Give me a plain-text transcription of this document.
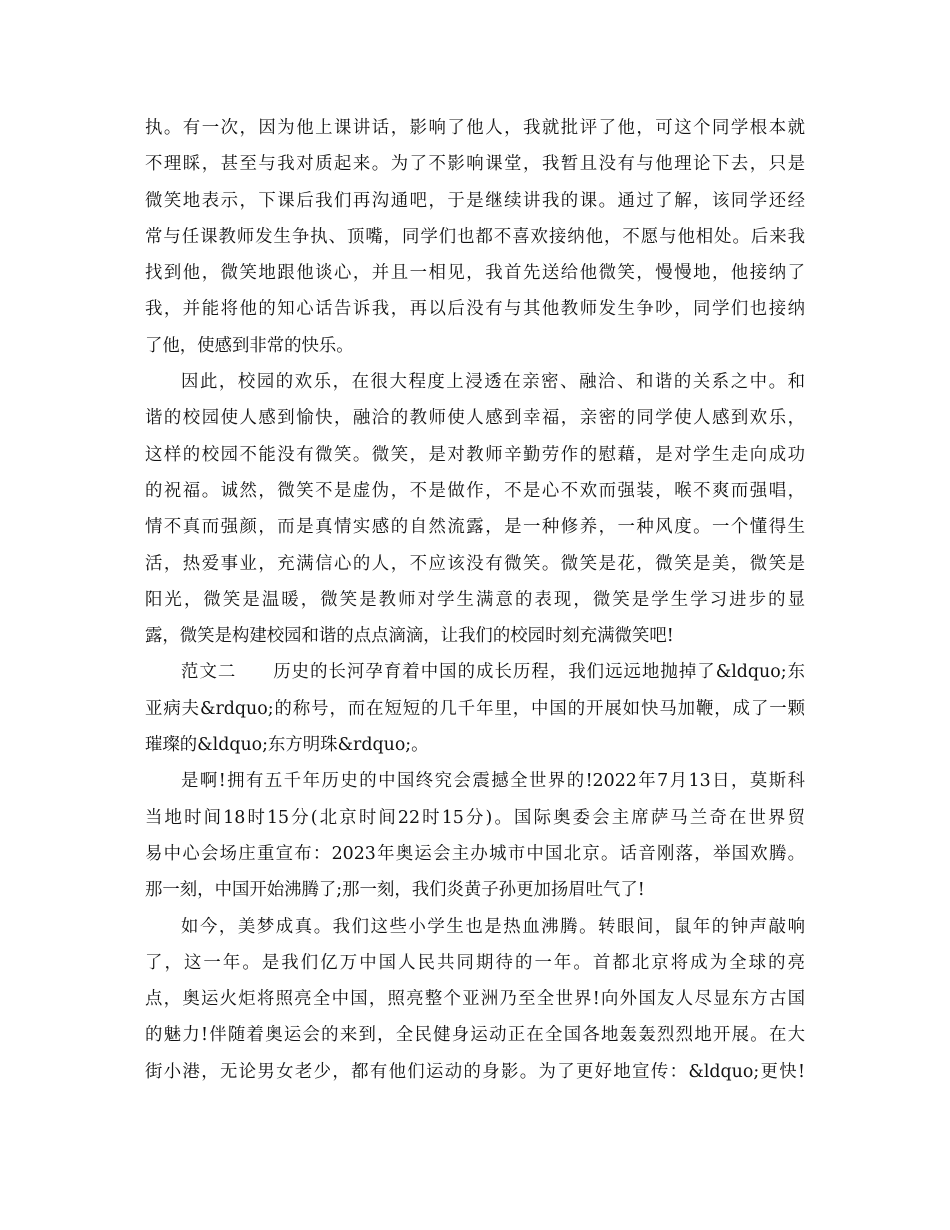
执。有一次，因为他上课讲话，影响了他人，我就批评了他，可这个同学根本就
不理睬，甚至与我对质起来。为了不影响课堂，我暂且没有与他理论下去，只是
微笑地表示，下课后我们再沟通吧，于是继续讲我的课。通过了解，该同学还经
常与任课教师发生争执、顶嘴，同学们也都不喜欢接纳他，不愿与他相处。后来我
找到他，微笑地跟他谈心，并且一相见，我首先送给他微笑，慢慢地，他接纳了
我，并能将他的知心话告诉我，再以后没有与其他教师发生争吵，同学们也接纳
了他，使感到非常的快乐。
因此，校园的欢乐，在很大程度上浸透在亲密、融洽、和谐的关系之中。和
谐的校园使人感到愉快，融洽的教师使人感到幸福，亲密的同学使人感到欢乐，
这样的校园不能没有微笑。微笑，是对教师辛勤劳作的慰藉，是对学生走向成功
的祝福。诚然，微笑不是虚伪，不是做作，不是心不欢而强装，喉不爽而强唱，
情不真而强颜，而是真情实感的自然流露，是一种修养，一种风度。一个懂得生
活，热爱事业，充满信心的人，不应该没有微笑。微笑是花，微笑是美，微笑是
阳光，微笑是温暖，微笑是教师对学生满意的表现，微笑是学生学习进步的显
露，微笑是构建校园和谐的点点滴滴，让我们的校园时刻充满微笑吧!
范文二　　历史的长河孕育着中国的成长历程，我们远远地抛掉了&ldquo;东
亚病夫&rdquo;的称号，而在短短的几千年里，中国的开展如快马加鞭，成了一颗
璀璨的&ldquo;东方明珠&rdquo;。
是啊!拥有五千年历史的中国终究会震撼全世界的!2022年7月13日，莫斯科
当地时间18时15分(北京时间22时15分)。国际奥委会主席萨马兰奇在世界贸
易中心会场庄重宣布：2023年奥运会主办城市中国北京。话音刚落，举国欢腾。
那一刻，中国开始沸腾了;那一刻，我们炎黄子孙更加扬眉吐气了!
如今，美梦成真。我们这些小学生也是热血沸腾。转眼间，鼠年的钟声敲响
了，这一年。是我们亿万中国人民共同期待的一年。首都北京将成为全球的亮
点，奥运火炬将照亮全中国，照亮整个亚洲乃至全世界!向外国友人尽显东方古国
的魅力!伴随着奥运会的来到，全民健身运动正在全国各地轰轰烈烈地开展。在大
街小港，无论男女老少，都有他们运动的身影。为了更好地宣传：&ldquo;更快!
